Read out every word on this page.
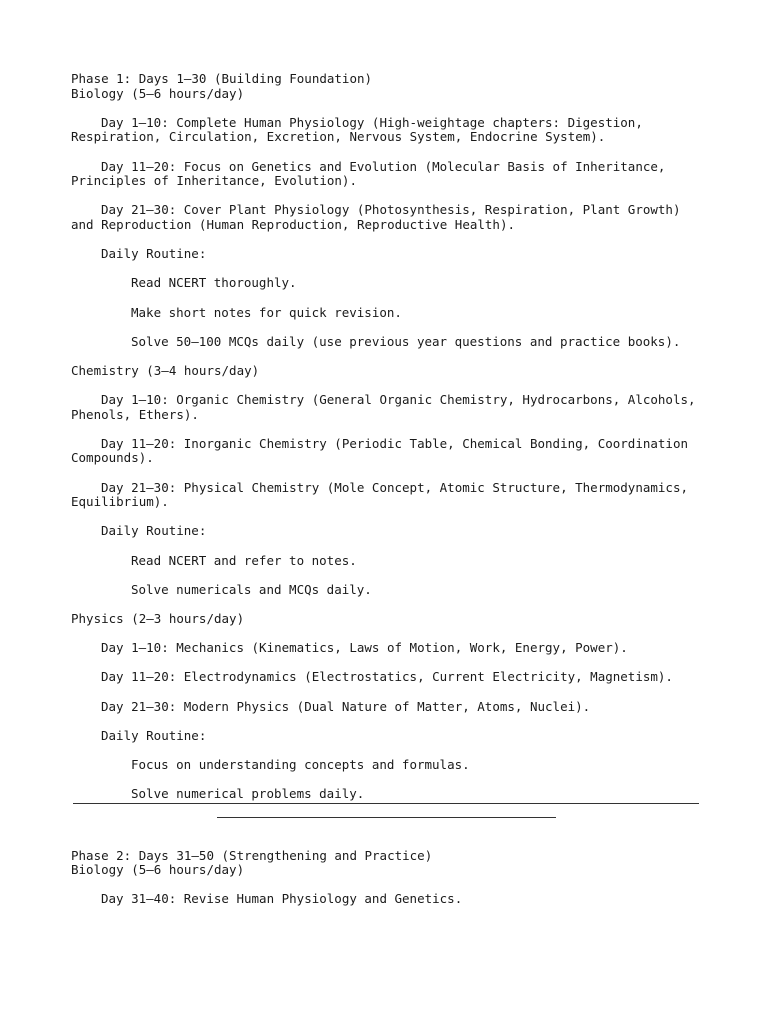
Phase 1: Days 1–30 (Building Foundation)

Biology (5–6 hours/day)

Day 1–10: Complete Human Physiology (High-weightage chapters: Digestion, Respiration, Circulation, Excretion, Nervous System, Endocrine System).

Day 11–20: Focus on Genetics and Evolution (Molecular Basis of Inheritance, Principles of Inheritance, Evolution).

Day 21–30: Cover Plant Physiology (Photosynthesis, Respiration, Plant Growth) and Reproduction (Human Reproduction, Reproductive Health).

Daily Routine:

Read NCERT thoroughly.

Make short notes for quick revision.

Solve 50–100 MCQs daily (use previous year questions and practice books).

Chemistry (3–4 hours/day)

Day 1–10: Organic Chemistry (General Organic Chemistry, Hydrocarbons, Alcohols, Phenols, Ethers).

Day 11–20: Inorganic Chemistry (Periodic Table, Chemical Bonding, Coordination Compounds).

Day 21–30: Physical Chemistry (Mole Concept, Atomic Structure, Thermodynamics, Equilibrium).

Daily Routine:

Read NCERT and refer to notes.

Solve numericals and MCQs daily.

Physics (2–3 hours/day)

Day 1–10: Mechanics (Kinematics, Laws of Motion, Work, Energy, Power).

Day 11–20: Electrodynamics (Electrostatics, Current Electricity, Magnetism).

Day 21–30: Modern Physics (Dual Nature of Matter, Atoms, Nuclei).

Daily Routine:

Focus on understanding concepts and formulas.

Solve numerical problems daily.

Phase 2: Days 31–50 (Strengthening and Practice)

Biology (5–6 hours/day)

Day 31–40: Revise Human Physiology and Genetics.
